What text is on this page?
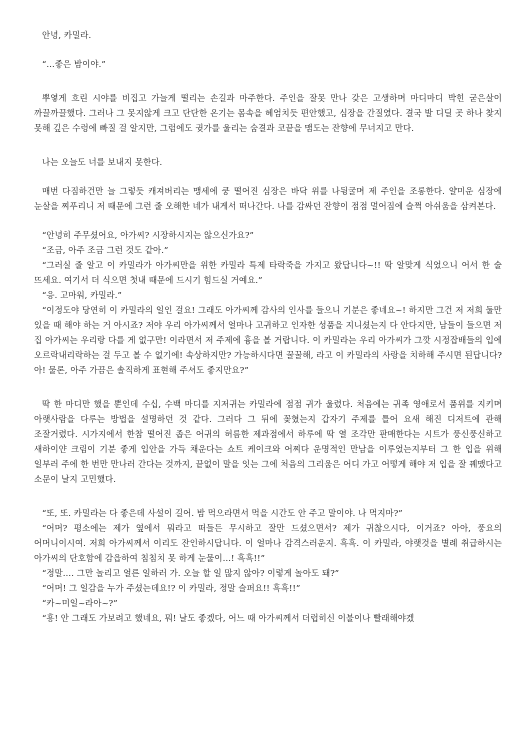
안녕, 카밀라.

“…좋은 밤이야.”

뿌옇게 흐린 시야를 비집고 가늘게 떨리는 손길과 마주한다. 주인을 잘못 만나 갖은 고생하며 마디마디 박힌 굳은살이 까끌까끌했다. 그러나 그 못지않게 크고 단단한 온기는 몸속을 헤엄치듯 편안했고, 심장을 간질였다. 결국 발 디딜 곳 하나 찾지 못해 깊은 수렁에 빠질 걸 알지만, 그럼에도 귓가를 울리는 숨결과 코끝을 맴도는 잔향에 무너지고 만다.

나는 오늘도 너를 보내지 못한다.

매번 다짐하건만 늘 그렇듯 캐져버리는 맹세에 쿵 떨어진 심장은 바닥 위를 나뒹굴며 제 주인을 조롱한다. 얄미운 심장에 눈살을 찌푸리니 저 때문에 그런 줄 오해한 네가 내게서 떠나간다. 나를 감싸던 잔향이 점점 멀어짐에 슬쩍 아쉬움을 삼켜본다.

“안녕히 주무셨어요, 아가씨? 시장하시지는 않으신가요?”

“조금, 아주 조금 그런 것도 같아.”

“그러실 줄 알고 이 카밀라가 아가씨만을 위한 카밀라 특제 타락죽을 가지고 왔답니다~!! 딱 알맞게 식었으니 어서 한 술 뜨세요. 여기서 더 식으면 첫내 때문에 드시기 힘드실 거예요.”

“응. 고마워, 카밀라.”

“이정도야 당연히 이 카밀라의 일인 걸요! 그래도 아가씨께 감사의 인사를 들으니 기분은 좋네요~! 하지만 그건 저 저희 둘만 있을 때 해야 하는 거 아시죠? 저야 우리 아가씨께서 얼마나 고귀하고 인자한 성품을 지니셨는지 다 안다지만, 남들이 들으면 저 집 아가씨는 우리랑 다를 게 없구만! 이라면서 저 주제에 흉을 볼 거랍니다. 이 카밀라는 우리 아가씨가 그깟 시정잡배들의 입에 오르락내리락하는 걸 두고 볼 수 없기에! 속상하지만? 가능하시다면 꿀꿀해, 라고 이 카밀라의 사랑을 치하해 주시면 된답니다? 아! 물론, 아주 가끔은 솔직하게 표현해 주셔도 좋지만요?”

딱 한 마디만 했을 뿐인데 수십, 수백 마디를 지저귀는 카밀라에 점점 귀가 울렸다. 처음에는 귀족 영애로서 품위를 지키며 아랫사람을 다루는 방법을 설명하던 것 같다. 그러다 그 뒤에 꽂혔는지 갑자기 주제를 틀어 요새 해진 디저트에 관해 조잘거렸다. 시가지에서 한참 떨어진 좁은 어귀의 허름한 제과점에서 하루에 딱 열 조각만 판매한다는 시트가 풍신풍신하고 새하이얀 크림이 기분 좋게 입안을 가득 채운다는 쇼트 케이크와 어찌다 운명적인 만남을 이루었는지부터 그 한 입을 위해 일부러 주에 한 번만 만나러 간다는 것까지, 끝없이 말을 잇는 그에 처음의 그리움은 어디 가고 어떻게 해야 저 입을 잘 꿰맸다고 소문이 날지 고민했다.

“또, 또. 카밀라는 다 좋은데 사설이 길어. 밤 먹으라면서 먹을 시간도 안 주고 말이야. 나 먹지마?”

“어머? 평소에는 제가 옆에서 뭐라고 떠들든 무시하고 잘만 드셨으면서? 제가 귀찮으시다, 이거죠? 아아, 풍요의 어머니이시여. 저희 아가씨께서 이리도 잔인하시답니다. 이 얼마나 감격스러운지. 흑흑. 이 카밀라, 야랫것을 별례 취급하시는 아가씨의 단호함에 감읍하여 침침치 못 하게 눈물이…! 흑흑!!”

“정말…. 그만 놀리고 얼른 일하러 가. 오늘 할 일 많지 않아? 이렇게 놀아도 돼?”

“어머! 그 일감을 누가 주셨는데요!? 이 카밀라, 정말 슬퍼요!! 흑흑!!”

“카~미일~라아~?”

“흥! 안 그래도 가보려고 했네요, 뭐! 날도 좋겠다, 어느 때 아가씨께서 더럽히신 이불이나 빨래해야겠
